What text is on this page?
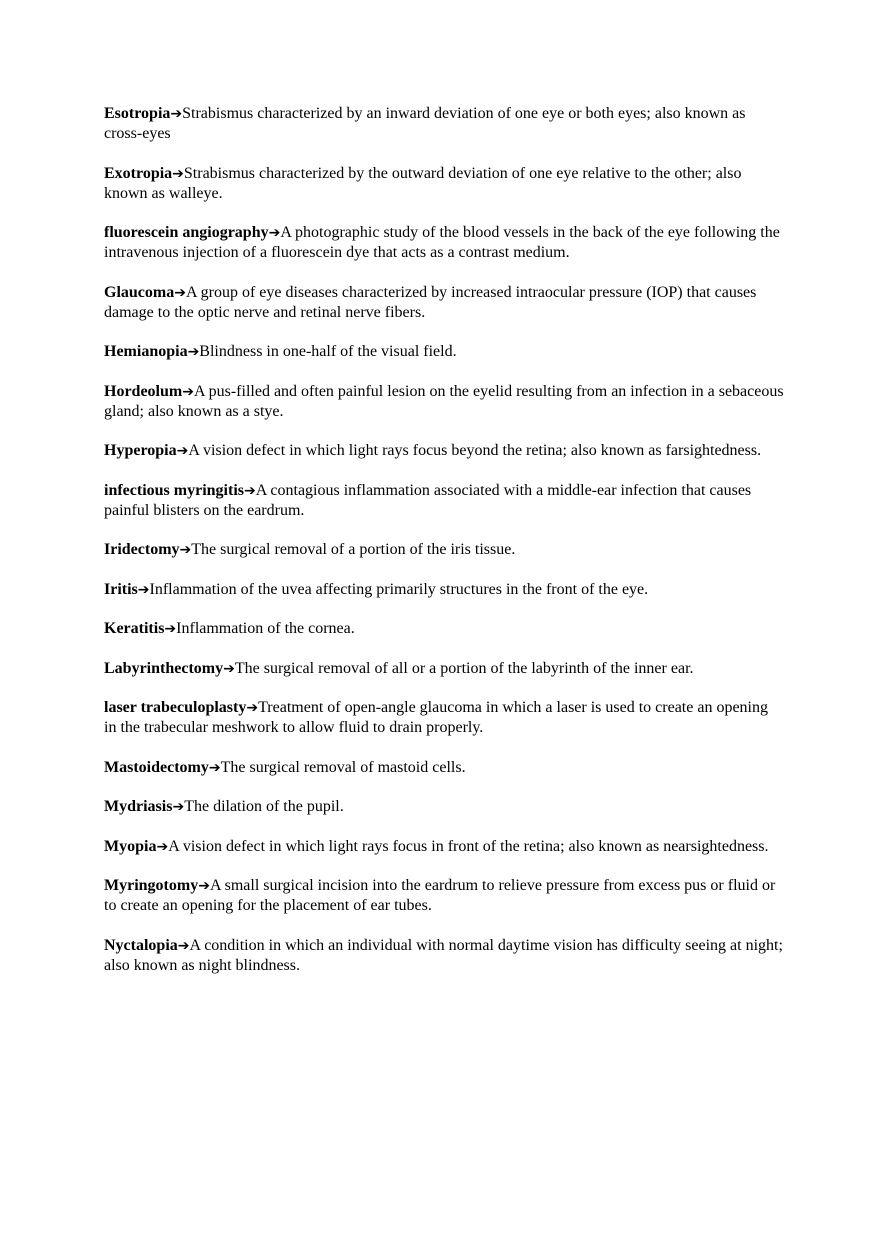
Esotropia➔Strabismus characterized by an inward deviation of one eye or both eyes; also known as cross-eyes

Exotropia➔Strabismus characterized by the outward deviation of one eye relative to the other; also known as walleye.

fluorescein angiography➔A photographic study of the blood vessels in the back of the eye following the intravenous injection of a fluorescein dye that acts as a contrast medium.

Glaucoma➔A group of eye diseases characterized by increased intraocular pressure (IOP) that causes damage to the optic nerve and retinal nerve fibers.

Hemianopia➔Blindness in one-half of the visual field.

Hordeolum➔A pus-filled and often painful lesion on the eyelid resulting from an infection in a sebaceous gland; also known as a stye.

Hyperopia➔A vision defect in which light rays focus beyond the retina; also known as farsightedness.

infectious myringitis➔A contagious inflammation associated with a middle-ear infection that causes painful blisters on the eardrum.

Iridectomy➔The surgical removal of a portion of the iris tissue.

Iritis➔Inflammation of the uvea affecting primarily structures in the front of the eye.

Keratitis➔Inflammation of the cornea.

Labyrinthectomy➔The surgical removal of all or a portion of the labyrinth of the inner ear.

laser trabeculoplasty➔Treatment of open-angle glaucoma in which a laser is used to create an opening in the trabecular meshwork to allow fluid to drain properly.

Mastoidectomy➔The surgical removal of mastoid cells.

Mydriasis➔The dilation of the pupil.

Myopia➔A vision defect in which light rays focus in front of the retina; also known as nearsightedness.

Myringotomy➔A small surgical incision into the eardrum to relieve pressure from excess pus or fluid or to create an opening for the placement of ear tubes.

Nyctalopia➔A condition in which an individual with normal daytime vision has difficulty seeing at night; also known as night blindness.
